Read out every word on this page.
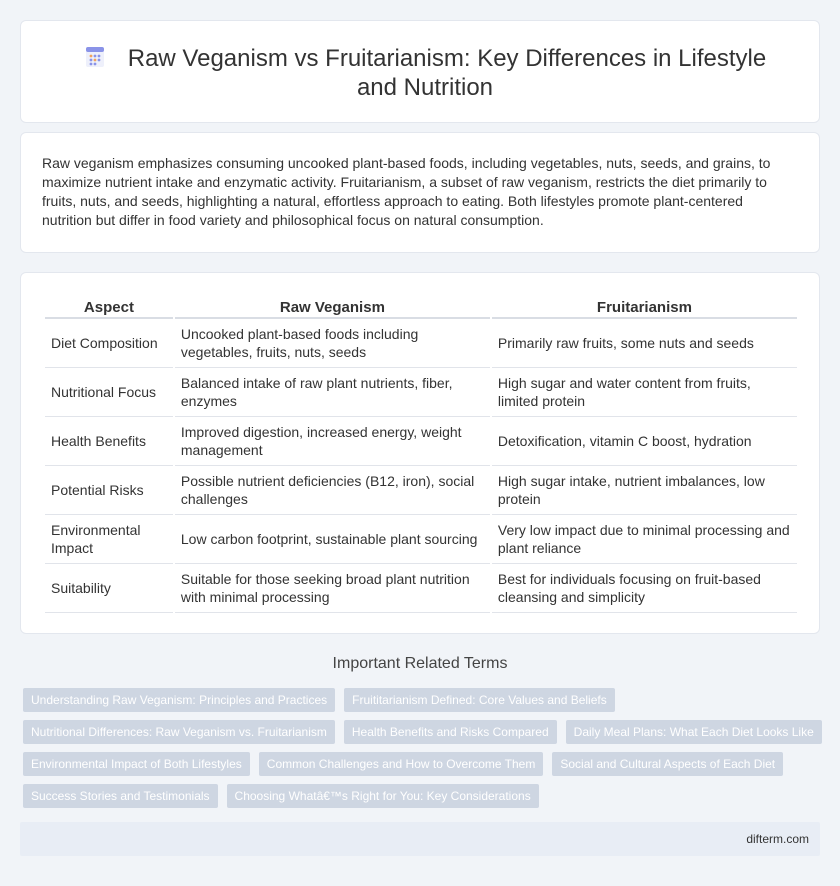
Raw Veganism vs Fruitarianism: Key Differences in Lifestyle and Nutrition

Raw veganism emphasizes consuming uncooked plant-based foods, including vegetables, nuts, seeds, and grains, to maximize nutrient intake and enzymatic activity. Fruitarianism, a subset of raw veganism, restricts the diet primarily to fruits, nuts, and seeds, highlighting a natural, effortless approach to eating. Both lifestyles promote plant-centered nutrition but differ in food variety and philosophical focus on natural consumption.

Aspect	Raw Veganism	Fruitarianism
Diet Composition	Uncooked plant-based foods including vegetables, fruits, nuts, seeds	Primarily raw fruits, some nuts and seeds
Nutritional Focus	Balanced intake of raw plant nutrients, fiber, enzymes	High sugar and water content from fruits, limited protein
Health Benefits	Improved digestion, increased energy, weight management	Detoxification, vitamin C boost, hydration
Potential Risks	Possible nutrient deficiencies (B12, iron), social challenges	High sugar intake, nutrient imbalances, low protein
Environmental Impact	Low carbon footprint, sustainable plant sourcing	Very low impact due to minimal processing and plant reliance
Suitability	Suitable for those seeking broad plant nutrition with minimal processing	Best for individuals focusing on fruit-based cleansing and simplicity
Important Related Terms
Understanding Raw Veganism: Principles and Practices	Fruititarianism Defined: Core Values and Beliefs
Nutritional Differences: Raw Veganism vs. Fruitarianism	Health Benefits and Risks Compared	Daily Meal Plans: What Each Diet Looks Like
Environmental Impact of Both Lifestyles	Common Challenges and How to Overcome Them	Social and Cultural Aspects of Each Diet
Success Stories and Testimonials	Choosing Whatâ€™s Right for You: Key Considerations
difterm.com
